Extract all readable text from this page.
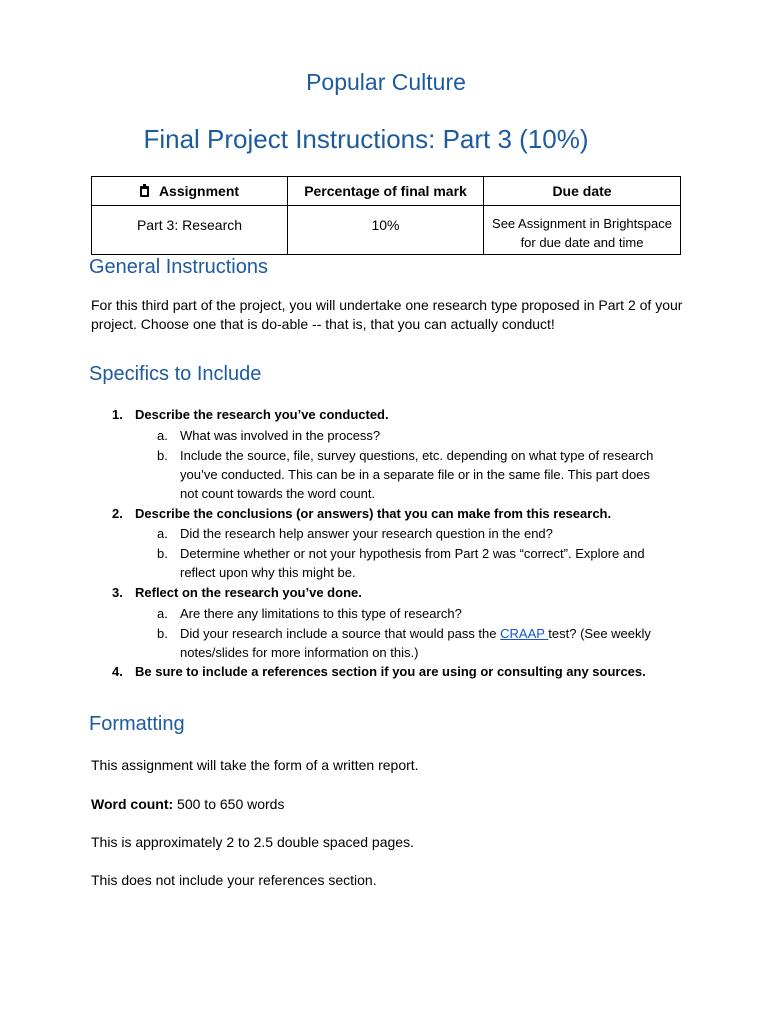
Popular Culture
Final Project Instructions: Part 3 (10%)
Assignment	Percentage of final mark	Due date

Part 3: Research	10%	See Assignment in Brightspace
for due date and time
General Instructions
For this third part of the project, you will undertake one research type proposed in Part 2 of your
project. Choose one that is do-able -- that is, that you can actually conduct!
Specifics to Include
1. Describe the research you’ve conducted.
a. What was involved in the process?
b. Include the source, file, survey questions, etc. depending on what type of research
you’ve conducted. This can be in a separate file or in the same file. This part does
not count towards the word count.
2. Describe the conclusions (or answers) that you can make from this research.
a. Did the research help answer your research question in the end?
b. Determine whether or not your hypothesis from Part 2 was “correct”. Explore and
reflect upon why this might be.
3. Reflect on the research you’ve done.
a. Are there any limitations to this type of research?
b. Did your research include a source that would pass the CRAAP test? (See weekly
notes/slides for more information on this.)
4. Be sure to include a references section if you are using or consulting any sources.
Formatting
This assignment will take the form of a written report.
Word count: 500 to 650 words
This is approximately 2 to 2.5 double spaced pages.
This does not include your references section.
